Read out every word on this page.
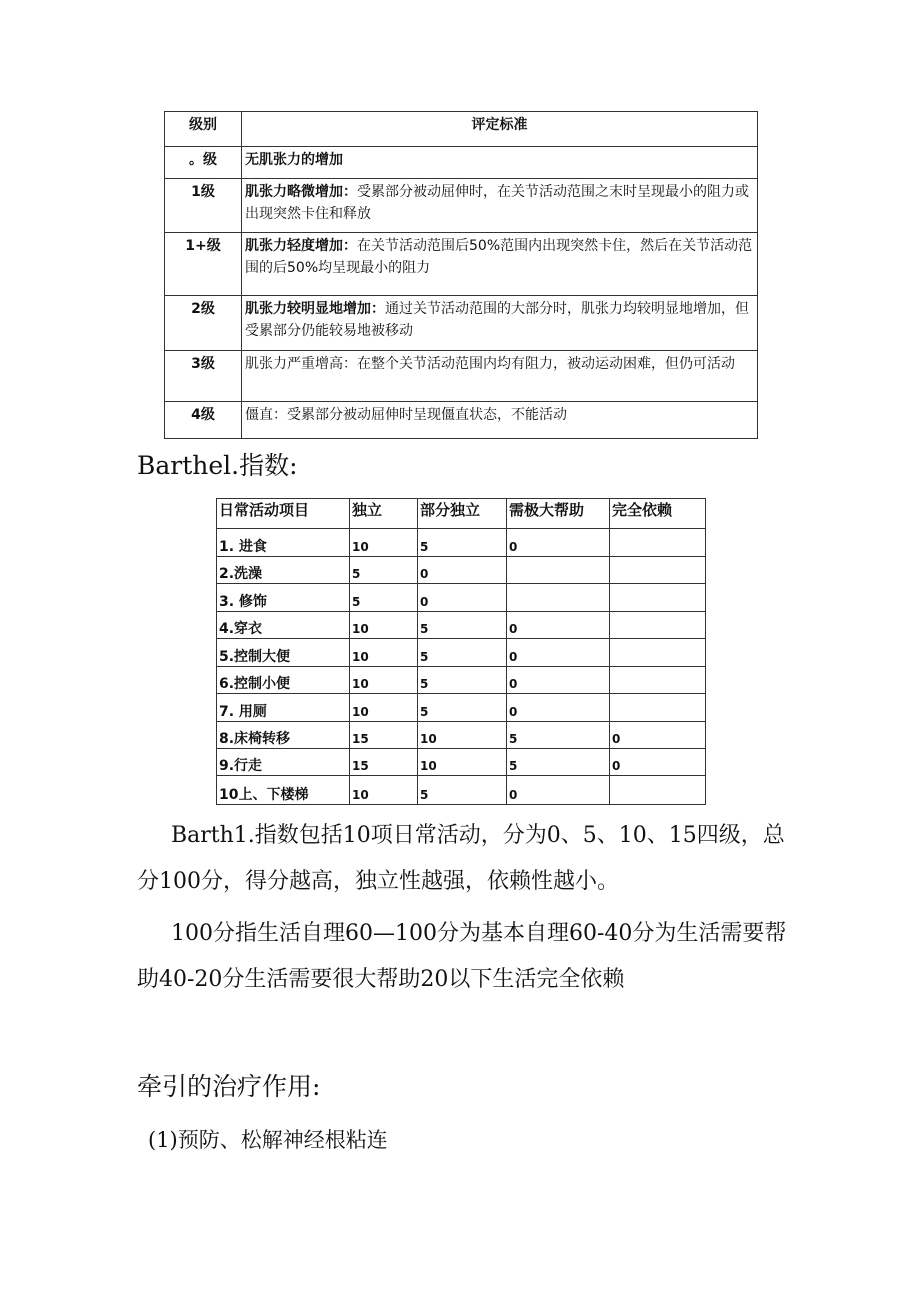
级别	评定标准
。级	无肌张力的增加
1级	肌张力略微增加：受累部分被动屈伸时，在关节活动范围之末时呈现最小的阻力或出现突然卡住和释放
1+级	肌张力轻度增加：在关节活动范围后50%范围内出现突然卡住，然后在关节活动范围的后50%均呈现最小的阻力
2级	肌张力较明显地增加：通过关节活动范围的大部分时，肌张力均较明显地增加，但受累部分仍能较易地被移动
3级	肌张力严重增高：在整个关节活动范围内均有阻力，被动运动困难，但仍可活动
4级	僵直：受累部分被动屈伸时呈现僵直状态，不能活动
Barthel.指数:
日常活动项目	独立	部分独立	需极大帮助	完全依赖
1. 进食	10	5	0	
2.洗澡	5	0		
3. 修饰	5	0		
4.穿衣	10	5	0	
5.控制大便	10	5	0	
6.控制小便	10	5	0	
7. 用厕	10	5	0	
8.床椅转移	15	10	5	0
9.行走	15	10	5	0
10上、下楼梯	10	5	0	

Barth1.指数包括10项日常活动，分为0、5、10、15四级，总分100分，得分越高，独立性越强，依赖性越小。

100分指生活自理60—100分为基本自理60-40分为生活需要帮助40-20分生活需要很大帮助20以下生活完全依赖

牵引的治疗作用:
(1)预防、松解神经根粘连
